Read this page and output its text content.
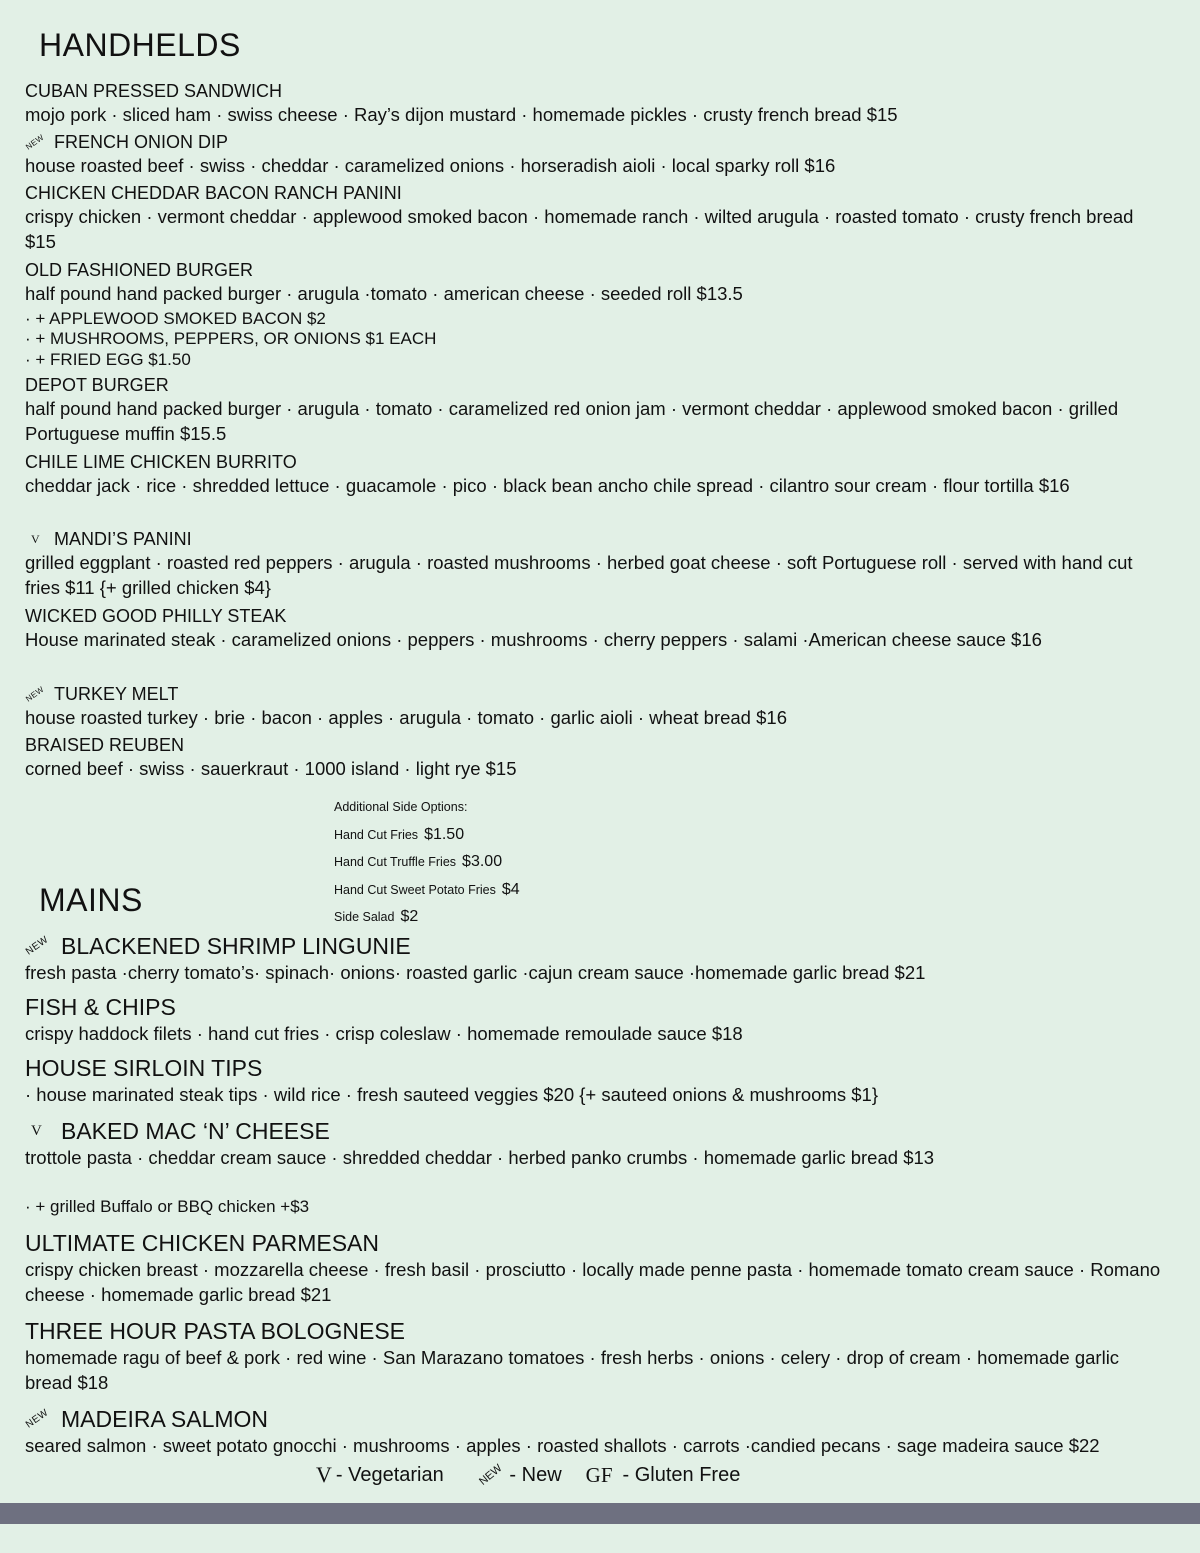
HANDHELDS
CUBAN PRESSED SANDWICH
mojo pork · sliced ham · swiss cheese · Ray’s dijon mustard · homemade pickles · crusty french bread $15
NEW FRENCH ONION DIP
house roasted beef · swiss · cheddar · caramelized onions · horseradish aioli · local sparky roll $16
CHICKEN CHEDDAR BACON RANCH PANINI
crispy chicken · vermont cheddar · applewood smoked bacon · homemade ranch · wilted arugula · roasted tomato · crusty french bread $15
OLD FASHIONED BURGER
half pound hand packed burger · arugula ·tomato · american cheese · seeded roll $13.5
· + APPLEWOOD SMOKED BACON $2
· + MUSHROOMS, PEPPERS, OR ONIONS $1 EACH
· + FRIED EGG $1.50
DEPOT BURGER
half pound hand packed burger · arugula · tomato · caramelized red onion jam · vermont cheddar · applewood smoked bacon · grilled Portuguese muffin $15.5
CHILE LIME CHICKEN BURRITO
cheddar jack · rice · shredded lettuce · guacamole · pico · black bean ancho chile spread · cilantro sour cream · flour tortilla $16
V MANDI’S PANINI
grilled eggplant · roasted red peppers · arugula · roasted mushrooms · herbed goat cheese · soft Portuguese roll · served with hand cut fries $11 {+ grilled chicken $4}
WICKED GOOD PHILLY STEAK
House marinated steak · caramelized onions · peppers · mushrooms · cherry peppers · salami ·American cheese sauce $16
NEW TURKEY MELT
house roasted turkey · brie · bacon · apples · arugula · tomato · garlic aioli · wheat bread $16
BRAISED REUBEN
corned beef · swiss · sauerkraut · 1000 island · light rye $15
Additional Side Options:
Hand Cut Fries $1.50
Hand Cut Truffle Fries $3.00
Hand Cut Sweet Potato Fries $4
Side Salad $2
MAINS
NEW BLACKENED SHRIMP LINGUNIE
fresh pasta ·cherry tomato’s· spinach· onions· roasted garlic ·cajun cream sauce ·homemade garlic bread $21
FISH & CHIPS
crispy haddock filets · hand cut fries · crisp coleslaw · homemade remoulade sauce $18
HOUSE SIRLOIN TIPS
· house marinated steak tips · wild rice · fresh sauteed veggies $20 {+ sauteed onions & mushrooms $1}
V BAKED MAC ‘N’ CHEESE
trottole pasta · cheddar cream sauce · shredded cheddar · herbed panko crumbs · homemade garlic bread $13
· + grilled Buffalo or BBQ chicken +$3
ULTIMATE CHICKEN PARMESAN
crispy chicken breast · mozzarella cheese · fresh basil · prosciutto · locally made penne pasta · homemade tomato cream sauce · Romano cheese · homemade garlic bread $21
THREE HOUR PASTA BOLOGNESE
homemade ragu of beef & pork · red wine · San Marazano tomatoes · fresh herbs · onions · celery · drop of cream · homemade garlic bread $18
NEW MADEIRA SALMON
seared salmon · sweet potato gnocchi · mushrooms · apples · roasted shallots · carrots ·candied pecans · sage madeira sauce $22
V - Vegetarian	NEW - New GF - Gluten Free
